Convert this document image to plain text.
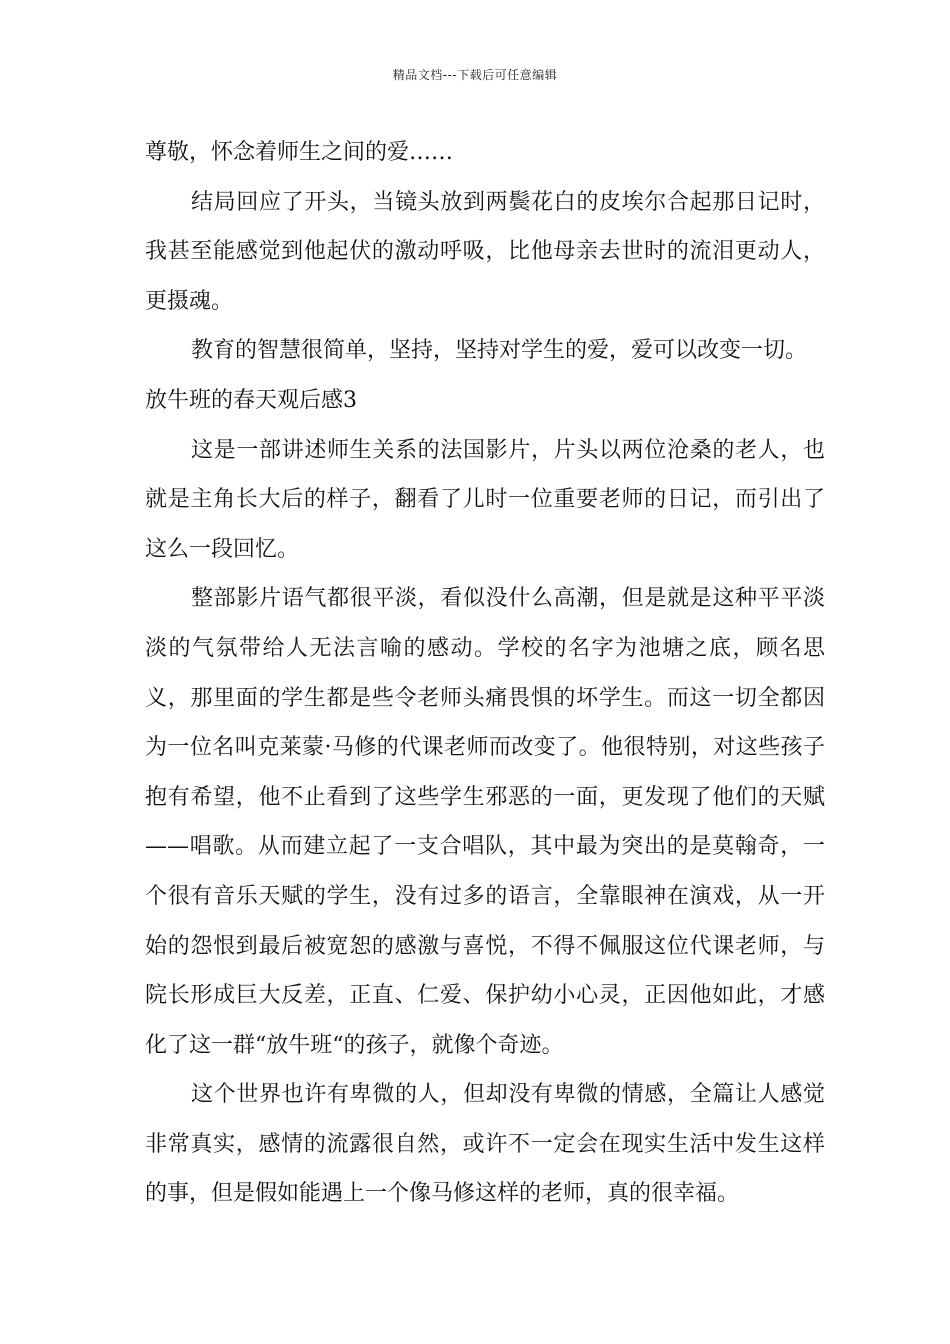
精品文档---下载后可任意编辑

尊敬，怀念着师生之间的爱……

结局回应了开头，当镜头放到两鬓花白的皮埃尔合起那日记时，我甚至能感觉到他起伏的激动呼吸，比他母亲去世时的流泪更动人，更摄魂。

教育的智慧很简单，坚持，坚持对学生的爱，爱可以改变一切。

放牛班的春天观后感3

这是一部讲述师生关系的法国影片，片头以两位沧桑的老人，也就是主角长大后的样子，翻看了儿时一位重要老师的日记，而引出了这么一段回忆。

整部影片语气都很平淡，看似没什么高潮，但是就是这种平平淡淡的气氛带给人无法言喻的感动。学校的名字为池塘之底，顾名思义，那里面的学生都是些令老师头痛畏惧的坏学生。而这一切全都因为一位名叫克莱蒙·马修的代课老师而改变了。他很特别，对这些孩子抱有希望，他不止看到了这些学生邪恶的一面，更发现了他们的天赋——唱歌。从而建立起了一支合唱队，其中最为突出的是莫翰奇，一个很有音乐天赋的学生，没有过多的语言，全靠眼神在演戏，从一开始的怨恨到最后被宽恕的感激与喜悦，不得不佩服这位代课老师，与院长形成巨大反差，正直、仁爱、保护幼小心灵，正因他如此，才感化了这一群“放牛班“的孩子，就像个奇迹。

这个世界也许有卑微的人，但却没有卑微的情感，全篇让人感觉非常真实，感情的流露很自然，或许不一定会在现实生活中发生这样的事，但是假如能遇上一个像马修这样的老师，真的很幸福。
